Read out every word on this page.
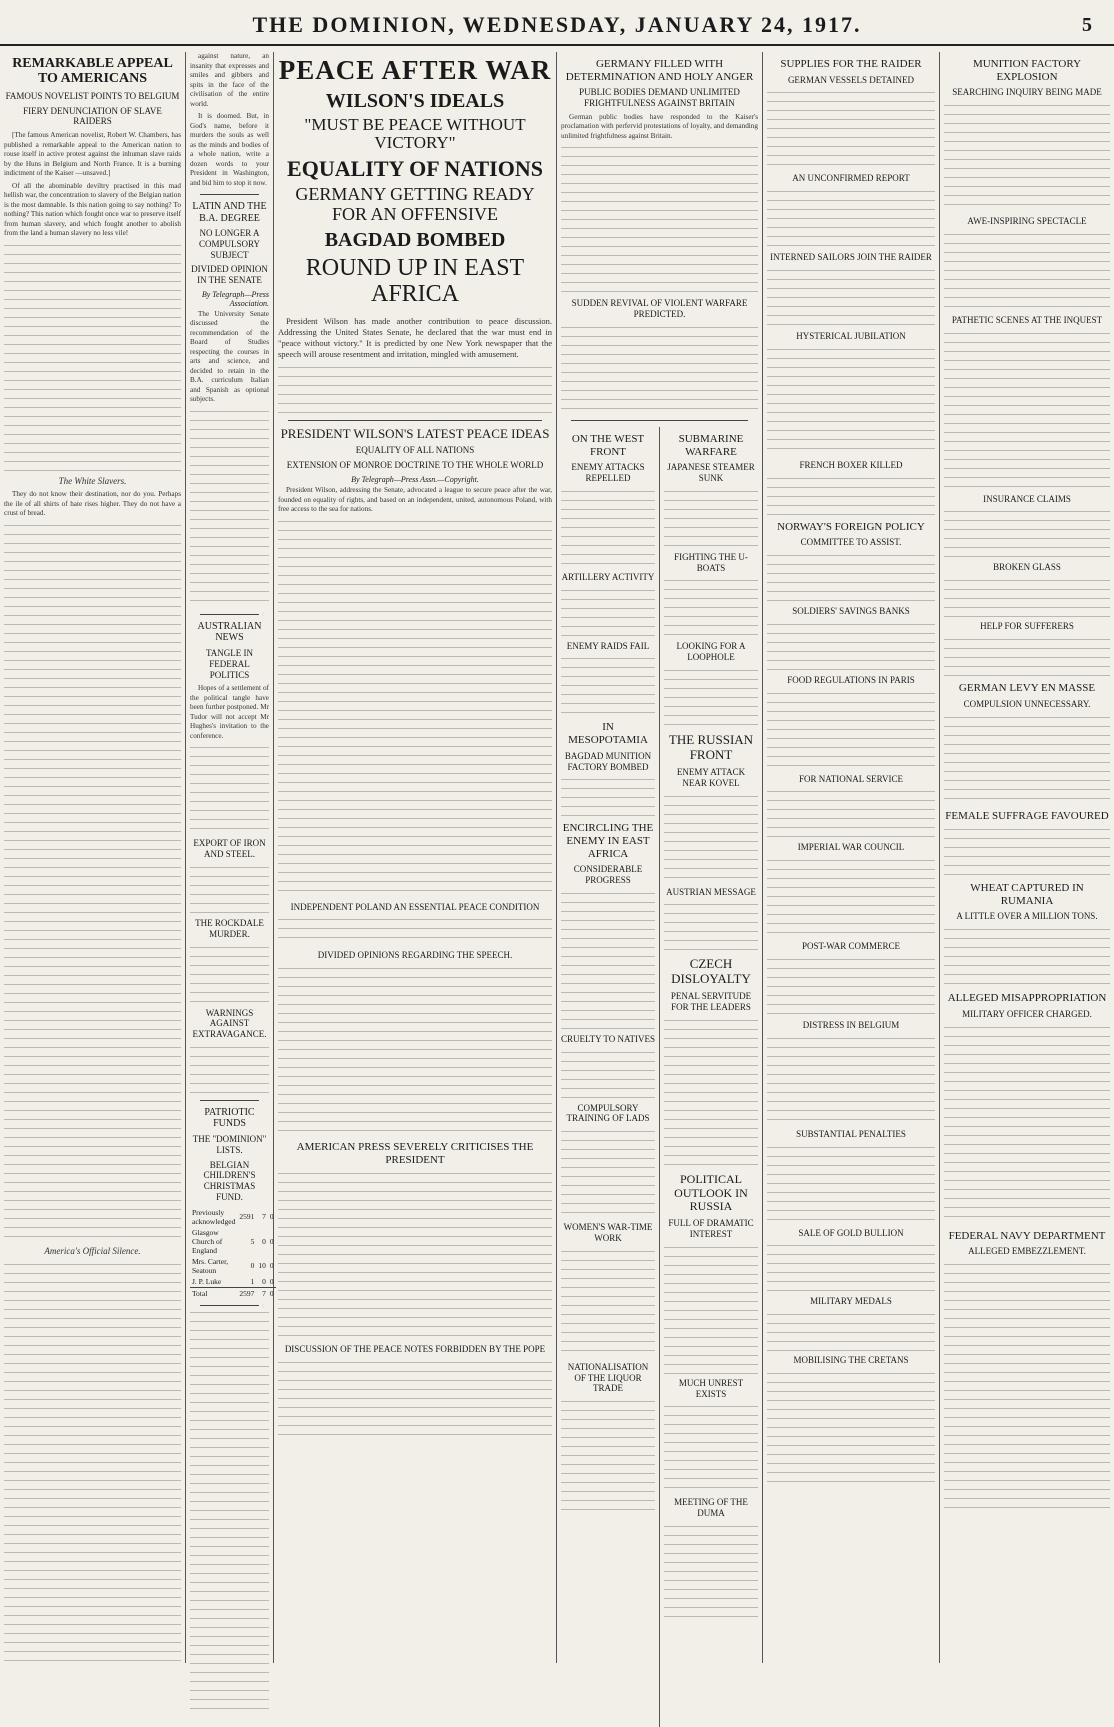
THE DOMINION, WEDNESDAY, JANUARY 24, 1917.	5
REMARKABLE APPEAL TO AMERICANS
FAMOUS NOVELIST POINTS TO BELGIUM
FIERY DENUNCIATION OF SLAVE RAIDERS

[The famous American novelist, Robert W. Chambers, has published a remarkable appeal to the American nation to rouse itself in active protest against the inhuman slave raids by the Huns in Belgium and North France. It is a burning indictment of the Kaiser —unsaved.]

Of all the abominable deviltry practised in this mad hellish war, the concentration to slavery of the Belgian nation is the most damnable. Is this nation going to say nothing? To nothing? This nation which fought once war to preserve itself from human slavery, and which fought another to abolish from the land a human slavery no less vile!

The White Slavers.

They do not know their destination, nor do you. Perhaps the ile of all shirts of hate rises higher. They do not have a crust of bread.

America's Official Silence.

against nature, an insanity that expresses and smiles and gibbers and spits in the face of the civilisation of the entire world.

It is doomed. But, in God's name, before it murders the souls as well as the minds and bodies of a whole nation, write a dozen words to your President in Washington, and bid him to stop it now.

LATIN AND THE B.A. DEGREE
NO LONGER A COMPULSORY SUBJECT
DIVIDED OPINION IN THE SENATE
By Telegraph—Press Association.

The University Senate discussed the recommendation of the Board of Studies respecting the courses in arts and science, and decided to retain in the B.A. curriculum Italian and Spanish as optional subjects.

AUSTRALIAN NEWS
TANGLE IN FEDERAL POLITICS

Hopes of a settlement of the political tangle have been further postponed. Mr Tudor will not accept Mr Hughes's invitation to the conference.

EXPORT OF IRON AND STEEL.
THE ROCKDALE MURDER.
WARNINGS AGAINST EXTRAVAGANCE.
PATRIOTIC FUNDS
THE "DOMINION" LISTS.
BELGIAN CHILDREN'S CHRISTMAS FUND.
Previously acknowledged	2591	7	0
Glasgow Church of England	5	0	0
Mrs. Carter, Seatoun	0	10	0
J. P. Luke	1	0	0
Total	2597	7	0
PEACE AFTER WAR
WILSON'S IDEALS
"MUST BE PEACE WITHOUT VICTORY"
EQUALITY OF NATIONS
GERMANY GETTING READY FOR AN OFFENSIVE
BAGDAD BOMBED
ROUND UP IN EAST AFRICA

President Wilson has made another contribution to peace discussion. Addressing the United States Senate, he declared that the war must end in "peace without victory." It is predicted by one New York newspaper that the speech will arouse resentment and irritation, mingled with amusement.

PRESIDENT WILSON'S LATEST PEACE IDEAS
EQUALITY OF ALL NATIONS
EXTENSION OF MONROE DOCTRINE TO THE WHOLE WORLD
By Telegraph—Press Assn.—Copyright.

President Wilson, addressing the Senate, advocated a league to secure peace after the war, founded on equality of rights, and based on an independent, united, autonomous Poland, with free access to the sea for nations.

INDEPENDENT POLAND AN ESSENTIAL PEACE CONDITION
DIVIDED OPINIONS REGARDING THE SPEECH.
AMERICAN PRESS SEVERELY CRITICISES THE PRESIDENT
DISCUSSION OF THE PEACE NOTES FORBIDDEN BY THE POPE
GERMANY FILLED WITH DETERMINATION AND HOLY ANGER
PUBLIC BODIES DEMAND UNLIMITED FRIGHTFULNESS AGAINST BRITAIN

German public bodies have responded to the Kaiser's proclamation with perfervid protestations of loyalty, and demanding unlimited frightfulness against Britain.

SUDDEN REVIVAL OF VIOLENT WARFARE PREDICTED.
ON THE WEST FRONT
ENEMY ATTACKS REPELLED
ARTILLERY ACTIVITY
ENEMY RAIDS FAIL
IN MESOPOTAMIA
BAGDAD MUNITION FACTORY BOMBED
ENCIRCLING THE ENEMY IN EAST AFRICA
CONSIDERABLE PROGRESS
CRUELTY TO NATIVES
COMPULSORY TRAINING OF LADS
WOMEN'S WAR-TIME WORK
NATIONALISATION OF THE LIQUOR TRADE
SUBMARINE WARFARE
JAPANESE STEAMER SUNK
FIGHTING THE U-BOATS
LOOKING FOR A LOOPHOLE
THE RUSSIAN FRONT
ENEMY ATTACK NEAR KOVEL
AUSTRIAN MESSAGE
CZECH DISLOYALTY
PENAL SERVITUDE FOR THE LEADERS
POLITICAL OUTLOOK IN RUSSIA
FULL OF DRAMATIC INTEREST
MUCH UNREST EXISTS
MEETING OF THE DUMA
SUPPLIES FOR THE RAIDER
GERMAN VESSELS DETAINED
AN UNCONFIRMED REPORT
INTERNED SAILORS JOIN THE RAIDER
HYSTERICAL JUBILATION
FRENCH BOXER KILLED
NORWAY'S FOREIGN POLICY
COMMITTEE TO ASSIST.
SOLDIERS' SAVINGS BANKS
FOOD REGULATIONS IN PARIS
FOR NATIONAL SERVICE
IMPERIAL WAR COUNCIL
POST-WAR COMMERCE
DISTRESS IN BELGIUM
SUBSTANTIAL PENALTIES
SALE OF GOLD BULLION
MILITARY MEDALS
MOBILISING THE CRETANS
MUNITION FACTORY EXPLOSION
SEARCHING INQUIRY BEING MADE
AWE-INSPIRING SPECTACLE
PATHETIC SCENES AT THE INQUEST
INSURANCE CLAIMS
BROKEN GLASS
HELP FOR SUFFERERS
GERMAN LEVY EN MASSE
COMPULSION UNNECESSARY.
FEMALE SUFFRAGE FAVOURED
WHEAT CAPTURED IN RUMANIA
A LITTLE OVER A MILLION TONS.
ALLEGED MISAPPROPRIATION
MILITARY OFFICER CHARGED.
FEDERAL NAVY DEPARTMENT
ALLEGED EMBEZZLEMENT.
